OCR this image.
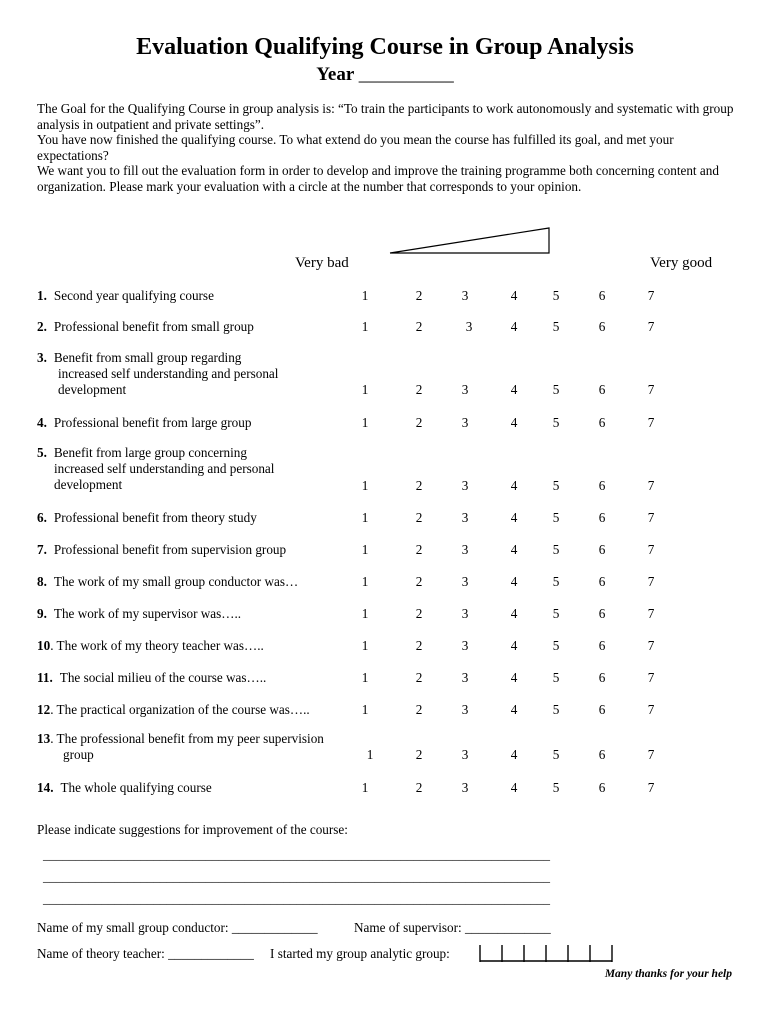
Evaluation Qualifying Course in Group Analysis
Year __________

The Goal for the Qualifying Course in group analysis is: “To train the participants to work autonomously and systematic with group analysis in outpatient and private settings”.

You have now finished the qualifying course. To what extend do you mean the course has fulfilled its goal, and met your expectations?

We want you to fill out the evaluation form in order to develop and improve the training programme both concerning content and organization. Please mark your evaluation with a circle at the number that corresponds to your opinion.

Very bad	Very good
1. Second year qualifying course	1	2	3	4	5	6	7
2. Professional benefit from small group	1	2	3	4	5	6	7
3. Benefit from small group regarding
increased self understanding and personal
development	1	2	3	4	5	6	7
4. Professional benefit from large group	1	2	3	4	5	6	7
5. Benefit from large group concerning
increased self understanding and personal
development	1	2	3	4	5	6	7
6. Professional benefit from theory study	1	2	3	4	5	6	7
7. Professional benefit from supervision group	1	2	3	4	5	6	7
8. The work of my small group conductor was…	1	2	3	4	5	6	7
9. The work of my supervisor was…..	1	2	3	4	5	6	7
10. The work of my theory teacher was…..	1	2	3	4	5	6	7
11. The social milieu of the course was…..	1	2	3	4	5	6	7
12. The practical organization of the course was…..	1	2	3	4	5	6	7
13. The professional benefit from my peer supervision
group	1	2	3	4	5	6	7
14. The whole qualifying course	1	2	3	4	5	6	7
Please indicate suggestions for improvement of the course:
______________________________________________________________________________
______________________________________________________________________________
______________________________________________________________________________
Name of my small group conductor: _____________	Name of supervisor: _____________
Name of theory teacher: _____________ I started my group analytic group:
Many thanks for your help
